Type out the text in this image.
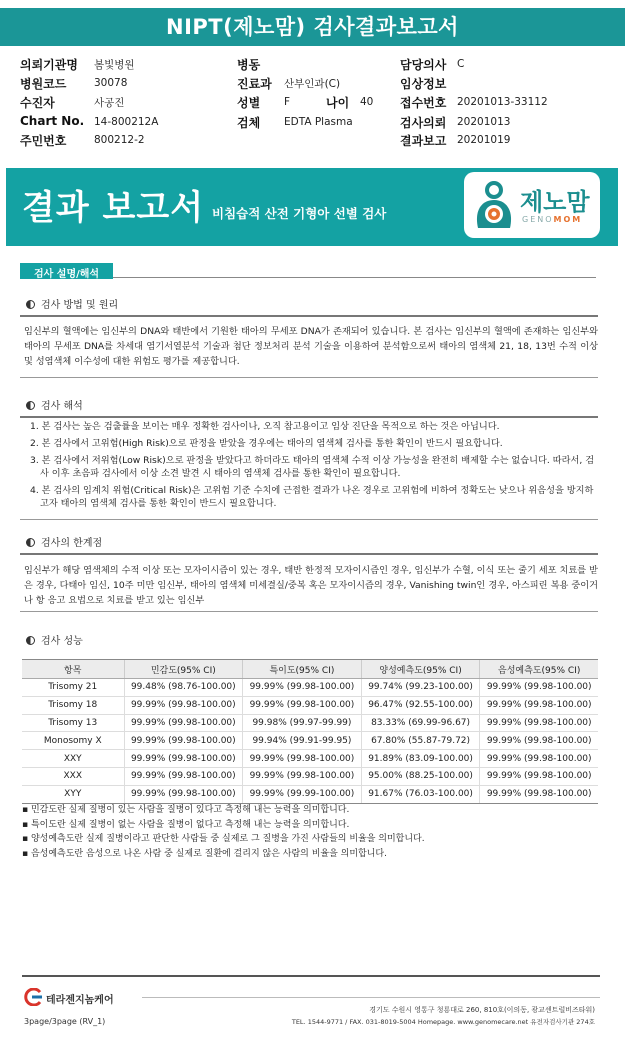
NIPT(제노맘) 검사결과보고서
의뢰기관명 봄빛병원
병원코드	30078
수진자	사공진
Chart No. 14-800212A
주민번호	800212-2
병동
진료과 산부인과(C)
성별 F	나이 40
검체 EDTA Plasma
담당의사 C
임상정보
접수번호 20201013-33112
검사의뢰 20201013
결과보고 20201019
결과 보고서 비침습적 산전 기형아 선별 검사	제노맘
GENOMOM
검사 설명/해석
검사 방법 및 원리
임신부의 혈액에는 임신부의 DNA와 태반에서 기원한 태아의 무세포 DNA가 존재되어 있습니다. 본 검사는 임신부의 혈액에 존재하는 임신부와 태아의 무세포 DNA를 차세대 염기서열분석 기술과 첨단 정보처리 분석 기술을 이용하여 분석함으로써 태아의 염색체 21, 18, 13번 수적 이상 및 성염색체 이수성에 대한 위험도 평가를 제공합니다.
검사 해석
1. 본 검사는 높은 검출률을 보이는 매우 정확한 검사이나, 오직 참고용이고 임상 진단을 목적으로 하는 것은 아닙니다.
2. 본 검사에서 고위험(High Risk)으로 판정을 받았을 경우에는 태아의 염색체 검사를 통한 확인이 반드시 필요합니다.
3. 본 검사에서 저위험(Low Risk)으로 판정을 받았다고 하더라도 태아의 염색체 수적 이상 가능성을 완전히 배제할 수는 없습니다. 따라서, 검사 이후 초음파 검사에서 이상 소견 발견 시 태아의 염색체 검사를 통한 확인이 필요합니다.
4. 본 검사의 임계치 위험(Critical Risk)은 고위험 기준 수치에 근접한 결과가 나온 경우로 고위험에 비하여 정확도는 낮으나 위음성을 방지하고자 태아의 염색체 검사를 통한 확인이 반드시 필요합니다.
검사의 한계점
임신부가 해당 염색체의 수적 이상 또는 모자이시즘이 있는 경우, 태반 한정적 모자이시즘인 경우, 임신부가 수혈, 이식 또는 줄기 세포 치료를 받은 경우, 다태아 임신, 10주 미만 임신부, 태아의 염색체 미세결실/중복 혹은 모자이시즘의 경우, Vanishing twin인 경우, 아스피린 복용 중이거나 항 응고 요법으로 치료를 받고 있는 임신부
검사 성능
항목	민감도(95% CI)	특이도(95% CI)	양성예측도(95% CI)	음성예측도(95% CI)
Trisomy 21	99.48% (98.76-100.00)	99.99% (99.98-100.00)	99.74% (99.23-100.00)	99.99% (99.98-100.00)
Trisomy 18	99.99% (99.98-100.00)	99.99% (99.98-100.00)	96.47% (92.55-100.00)	99.99% (99.98-100.00)
Trisomy 13	99.99% (99.98-100.00)	99.98% (99.97-99.99)	83.33% (69.99-96.67)	99.99% (99.98-100.00)
Monosomy X	99.99% (99.98-100.00)	99.94% (99.91-99.95)	67.80% (55.87-79.72)	99.99% (99.98-100.00)
XXY	99.99% (99.98-100.00)	99.99% (99.98-100.00)	91.89% (83.09-100.00)	99.99% (99.98-100.00)
XXX	99.99% (99.98-100.00)	99.99% (99.98-100.00)	95.00% (88.25-100.00)	99.99% (99.98-100.00)
XYY	99.99% (99.98-100.00)	99.99% (99.99-100.00)	91.67% (76.03-100.00)	99.99% (99.98-100.00)
▪ 민감도란 실제 질병이 있는 사람을 질병이 있다고 측정해 내는 능력을 의미합니다.
▪ 특이도란 실제 질병이 없는 사람을 질병이 없다고 측정해 내는 능력을 의미합니다.
▪ 양성예측도란 실제 질병이라고 판단한 사람들 중 실제로 그 질병을 가진 사람들의 비율을 의미합니다.
▪ 음성예측도란 음성으로 나온 사람 중 실제로 질환에 걸리지 않은 사람의 비율을 의미합니다.
테라젠지놈케어
경기도 수원시 영통구 청룡대로 260, 810호(이의동, 광교센트럴비즈타워)
TEL. 1544-9771 / FAX. 031-8019-5004 Homepage. www.genomecare.net 유전자검사기관 274호
3page/3page (RV_1)
